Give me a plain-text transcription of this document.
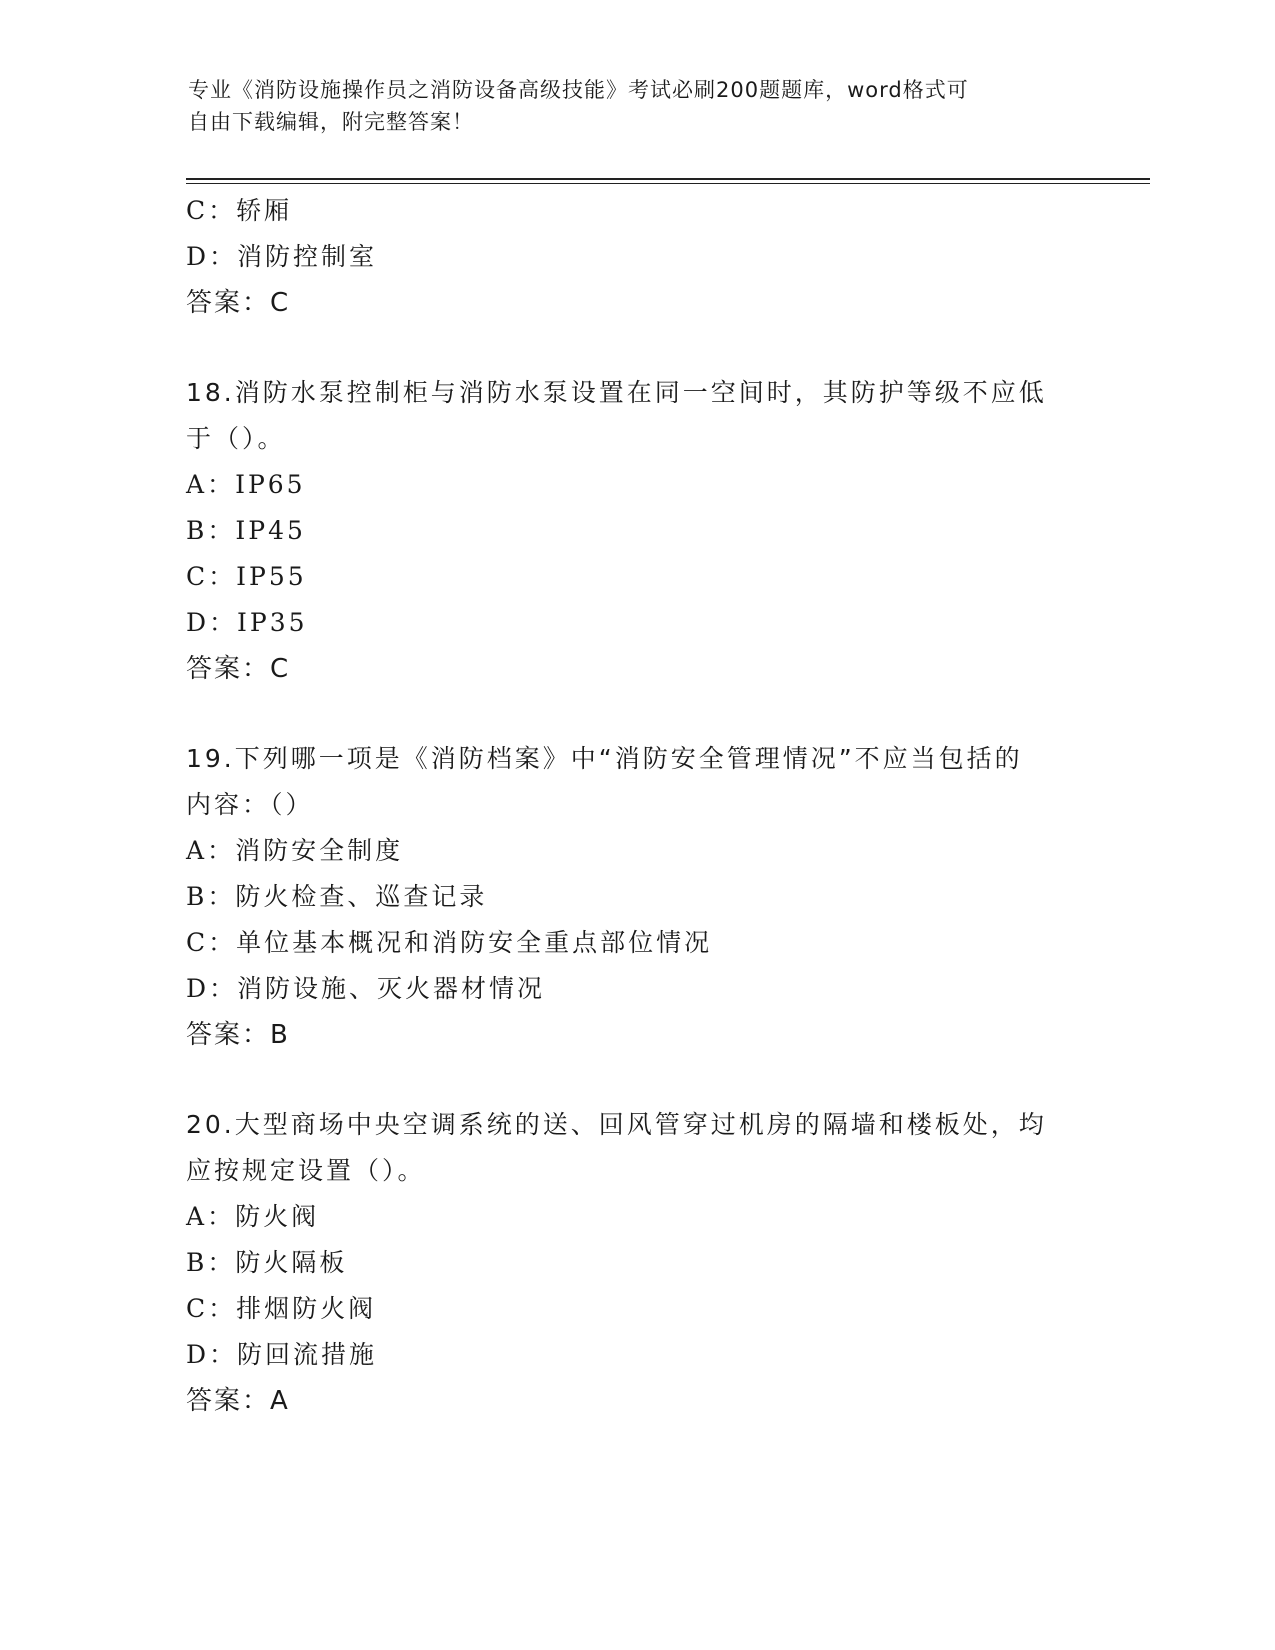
专业《消防设施操作员之消防设备高级技能》考试必刷200题题库，word格式可
自由下载编辑，附完整答案！
C：轿厢
D：消防控制室
答案：C
18.消防水泵控制柜与消防水泵设置在同一空间时，其防护等级不应低
于（）。
A：IP65
B：IP45
C：IP55
D：IP35
答案：C
19.下列哪一项是《消防档案》中“消防安全管理情况”不应当包括的
内容：（）
A：消防安全制度
B：防火检查、巡查记录
C：单位基本概况和消防安全重点部位情况
D：消防设施、灭火器材情况
答案：B
20.大型商场中央空调系统的送、回风管穿过机房的隔墙和楼板处，均
应按规定设置（）。
A：防火阀
B：防火隔板
C：排烟防火阀
D：防回流措施
答案：A
